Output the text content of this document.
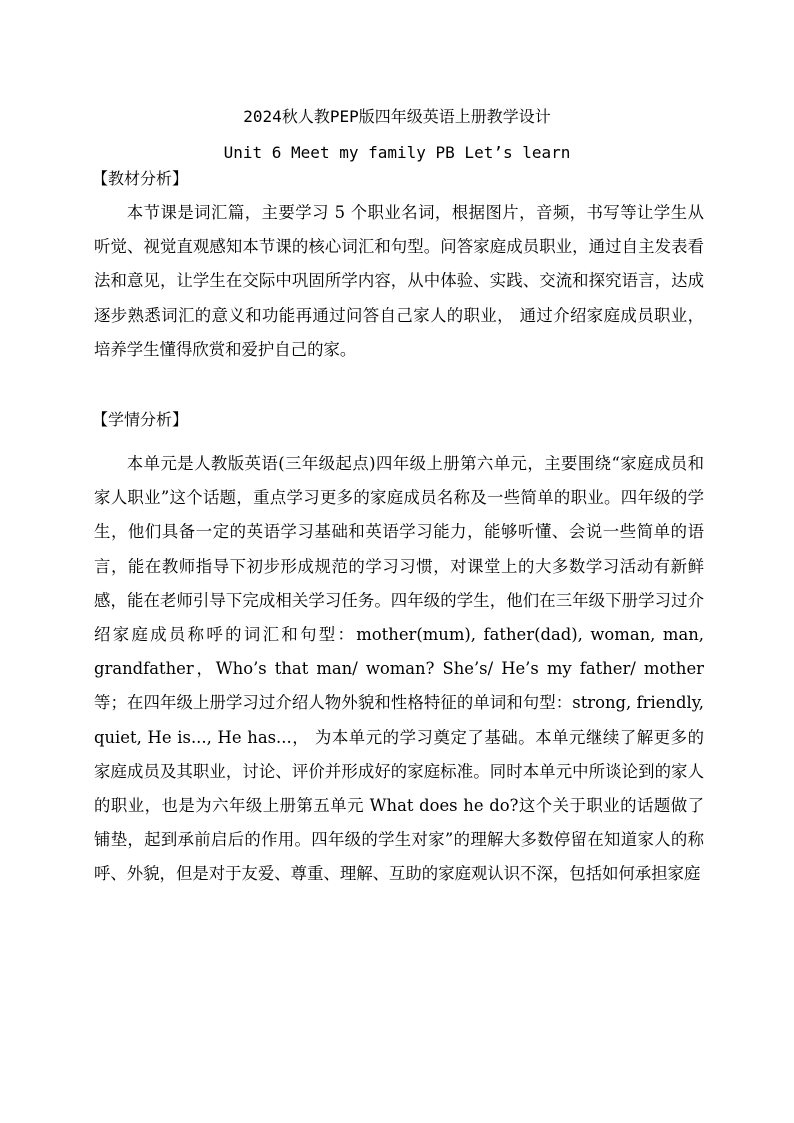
2024秋人教PEP版四年级英语上册教学设计
Unit 6 Meet my family PB Let’s learn
【教材分析】
本节课是词汇篇，主要学习 5 个职业名词，根据图片，音频，书写等让学生从听觉、视觉直观感知本节课的核心词汇和句型。问答家庭成员职业，通过自主发表看法和意见，让学生在交际中巩固所学内容，从中体验、实践、交流和探究语言，达成逐步熟悉词汇的意义和功能再通过问答自己家人的职业， 通过介绍家庭成员职业，培养学生懂得欣赏和爱护自己的家。
【学情分析】
本单元是人教版英语(三年级起点)四年级上册第六单元，主要围绕“家庭成员和家人职业”这个话题，重点学习更多的家庭成员名称及一些简单的职业。四年级的学生，他们具备一定的英语学习基础和英语学习能力，能够听懂、会说一些简单的语言，能在教师指导下初步形成规范的学习习惯，对课堂上的大多数学习活动有新鲜感，能在老师引导下完成相关学习任务。四年级的学生，他们在三年级下册学习过介绍家庭成员称呼的词汇和句型：mother(mum), father(dad), woman, man, grandfather，Who’s that man/ woman? She’s/ He’s my father/ mother 等；在四年级上册学习过介绍人物外貌和性格特征的单词和句型：strong, friendly, quiet, He is..., He has...， 为本单元的学习奠定了基础。本单元继续了解更多的家庭成员及其职业，讨论、评价并形成好的家庭标准。同时本单元中所谈论到的家人的职业，也是为六年级上册第五单元 What does he do?这个关于职业的话题做了铺垫，起到承前启后的作用。四年级的学生对家”的理解大多数停留在知道家人的称呼、外貌，但是对于友爱、尊重、理解、互助的家庭观认识不深，包括如何承担家庭
